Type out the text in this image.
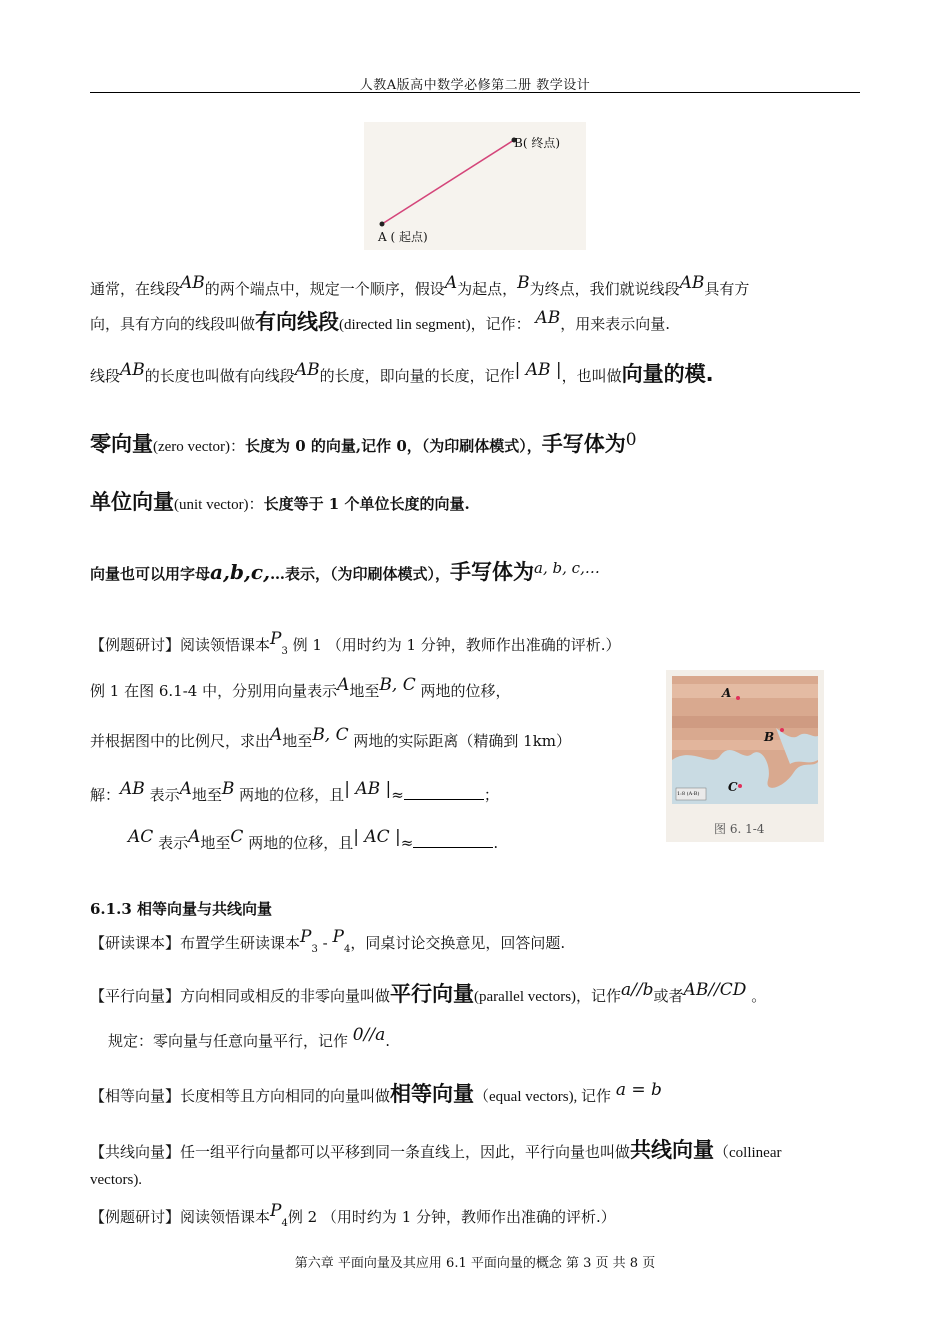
人教A版高中数学必修第二册 教学设计
B( 终点)
A ( 起点)
通常，在线段AB的两个端点中，规定一个顺序，假设A为起点，B为终点，我们就说线段AB具有方
向，具有方向的线段叫做有向线段(directed lin segment)，记作： AB，用来表示向量.
线段AB的长度也叫做有向线段AB的长度，即向量的长度，记作| AB |，也叫做向量的模.
零向量(zero vector)：长度为 0 的向量,记作 0，（为印刷体模式），手写体为0
单位向量(unit vector)：长度等于 1 个单位长度的向量.
向量也可以用字母a,b,c,…表示，（为印刷体模式），手写体为a, b, c,…
【例题研讨】阅读领悟课本$P_3$ 例 1 （用时约为 1 分钟，教师作出准确的评析.）
例 1 在图 6.1-4 中，分别用向量表示A地至B, C 两地的位移，
并根据图中的比例尺，求出A地至B, C 两地的实际距离（精确到 1km）
解：AB 表示A地至B 两地的位移，且| AB |≈	；
AC 表示A地至C 两地的位移，且| AC |≈	.
A
B
C
1:8 (A·B)
图 6. 1-4
6.1.3 相等向量与共线向量
【研读课本】布置学生研读课本$P_3 - P_4$，同桌讨论交换意见，回答问题.
【平行向量】方向相同或相反的非零向量叫做平行向量(parallel vectors)，记作a//b或者AB//CD 。
规定：零向量与任意向量平行，记作 0//a.
【相等向量】长度相等且方向相同的向量叫做相等向量（equal vectors), 记作 a = b
【共线向量】任一组平行向量都可以平移到同一条直线上，因此，平行向量也叫做共线向量（collinear
vectors).
【例题研讨】阅读领悟课本$P_4$例 2 （用时约为 1 分钟，教师作出准确的评析.）
第六章 平面向量及其应用 6.1 平面向量的概念 第 3 页 共 8 页
